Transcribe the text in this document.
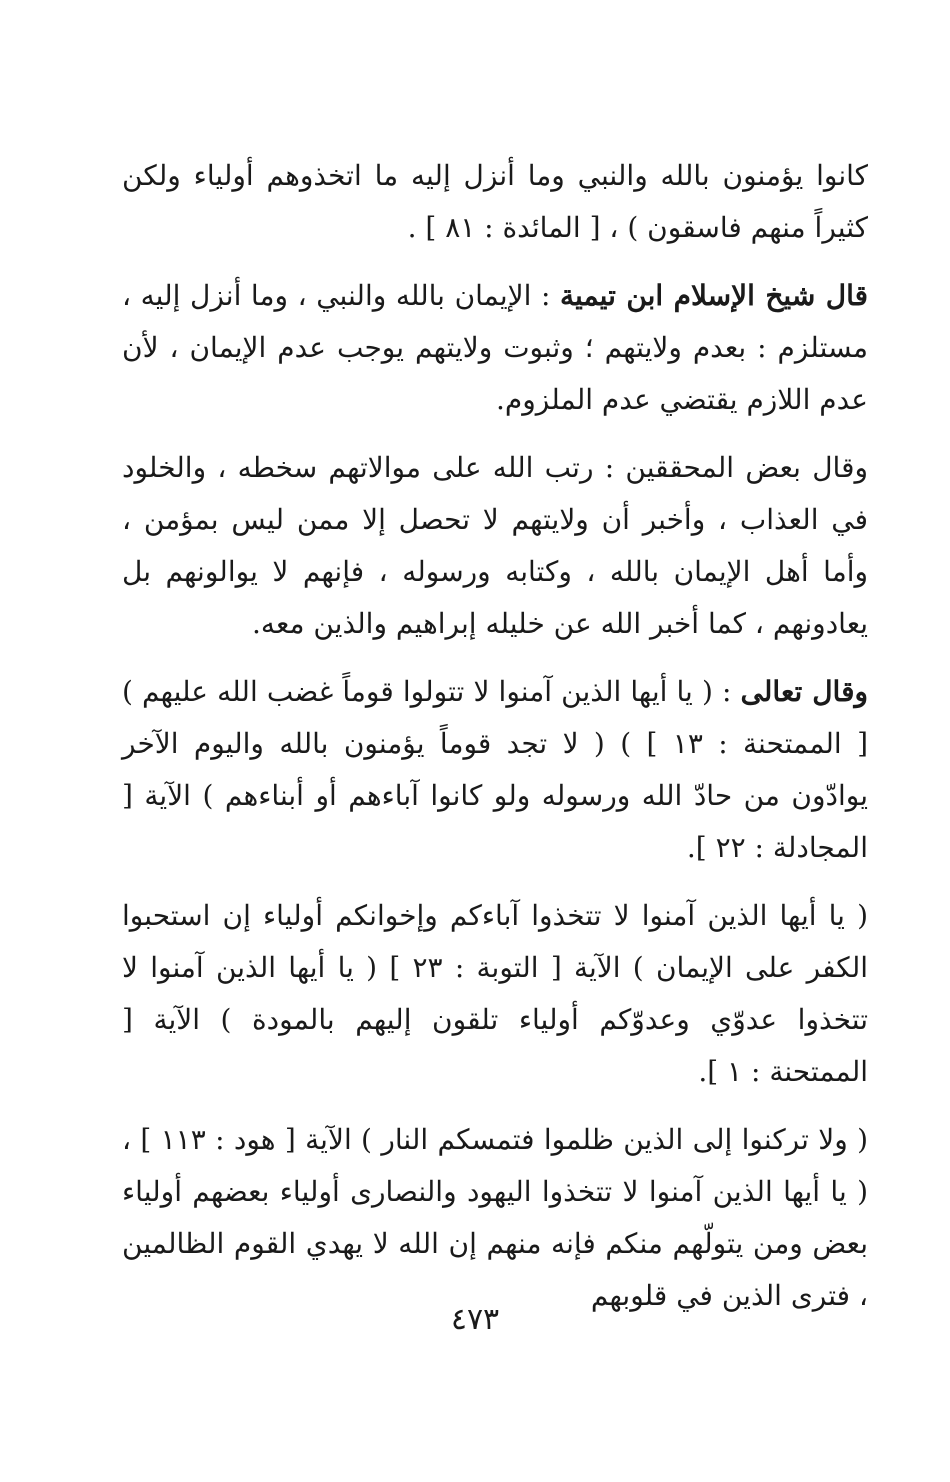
كانوا يؤمنون بالله والنبي وما أنزل إليه ما اتخذوهم أولياء ولكن كثيراً منهم فاسقون ) ، [ المائدة : ٨١ ] .

قال شيخ الإسلام ابن تيمية : الإيمان بالله والنبي ، وما أنزل إليه ، مستلزم : بعدم ولايتهم ؛ وثبوت ولايتهم يوجب عدم الإيمان ، لأن عدم اللازم يقتضي عدم الملزوم.

وقال بعض المحققين : رتب الله على موالاتهم سخطه ، والخلود في العذاب ، وأخبر أن ولايتهم لا تحصل إلا ممن ليس بمؤمن ، وأما أهل الإيمان بالله ، وكتابه ورسوله ، فإنهم لا يوالونهم بل يعادونهم ، كما أخبر الله عن خليله إبراهيم والذين معه.

وقال تعالى : ( يا أيها الذين آمنوا لا تتولوا قوماً غضب الله عليهم ) [ الممتحنة : ١٣ ] ) ( لا تجد قوماً يؤمنون بالله واليوم الآخر يوادّون من حادّ الله ورسوله ولو كانوا آباءهم أو أبناءهم ) الآية [ المجادلة : ٢٢ ].

( يا أيها الذين آمنوا لا تتخذوا آباءكم وإخوانكم أولياء إن استحبوا الكفر على الإيمان ) الآية [ التوبة : ٢٣ ] ( يا أيها الذين آمنوا لا تتخذوا عدوّي وعدوّكم أولياء تلقون إليهم بالمودة ) الآية [ الممتحنة : ١ ].

( ولا تركنوا إلى الذين ظلموا فتمسكم النار ) الآية [ هود : ١١٣ ] ، ( يا أيها الذين آمنوا لا تتخذوا اليهود والنصارى أولياء بعضهم أولياء بعض ومن يتولّهم منكم فإنه منهم إن الله لا يهدي القوم الظالمين ، فترى الذين في قلوبهم

٤٧٣
